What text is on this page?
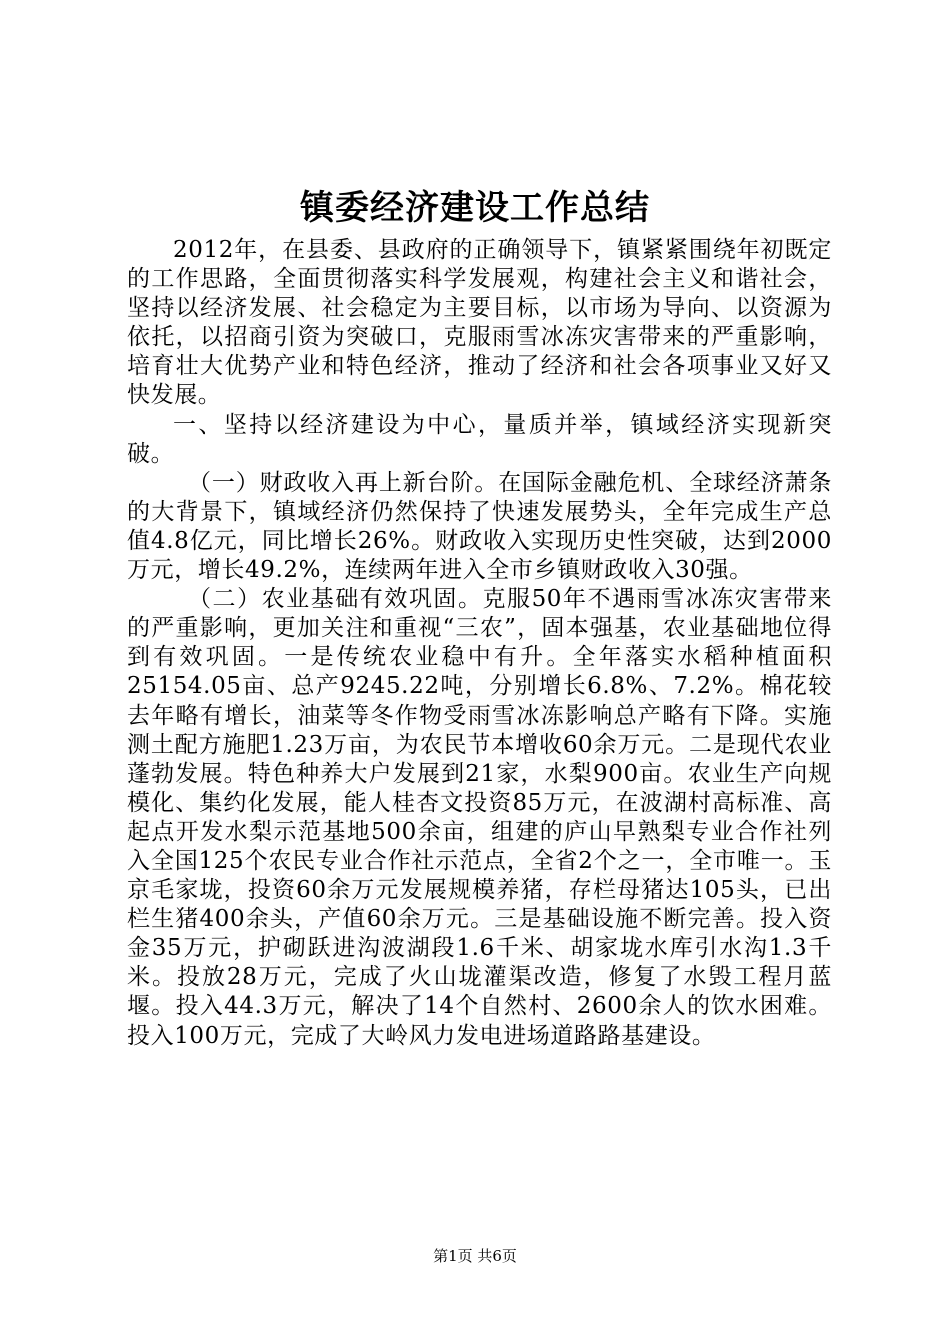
镇委经济建设工作总结

2012年，在县委、县政府的正确领导下，镇紧紧围绕年初既定的工作思路，全面贯彻落实科学发展观，构建社会主义和谐社会，坚持以经济发展、社会稳定为主要目标，以市场为导向、以资源为依托，以招商引资为突破口，克服雨雪冰冻灾害带来的严重影响，培育壮大优势产业和特色经济，推动了经济和社会各项事业又好又快发展。

一、坚持以经济建设为中心，量质并举，镇域经济实现新突破。

（一）财政收入再上新台阶。在国际金融危机、全球经济萧条的大背景下，镇域经济仍然保持了快速发展势头，全年完成生产总值4.8亿元，同比增长26%。财政收入实现历史性突破，达到2000万元，增长49.2%，连续两年进入全市乡镇财政收入30强。

（二）农业基础有效巩固。克服50年不遇雨雪冰冻灾害带来的严重影响，更加关注和重视“三农”，固本强基，农业基础地位得到有效巩固。一是传统农业稳中有升。全年落实水稻种植面积25154.05亩、总产9245.22吨，分别增长6.8%、7.2%。棉花较去年略有增长，油菜等冬作物受雨雪冰冻影响总产略有下降。实施测土配方施肥1.23万亩，为农民节本增收60余万元。二是现代农业蓬勃发展。特色种养大户发展到21家，水梨900亩。农业生产向规模化、集约化发展，能人桂杏文投资85万元，在波湖村高标准、高起点开发水梨示范基地500余亩，组建的庐山早熟梨专业合作社列入全国125个农民专业合作社示范点，全省2个之一，全市唯一。玉京毛家垅，投资60余万元发展规模养猪，存栏母猪达105头，已出栏生猪400余头，产值60余万元。三是基础设施不断完善。投入资金35万元，护砌跃进沟波湖段1.6千米、胡家垅水库引水沟1.3千米。投放28万元，完成了火山垅灌渠改造，修复了水毁工程月蓝堰。投入44.3万元，解决了14个自然村、2600余人的饮水困难。投入100万元，完成了大岭风力发电进场道路路基建设。

第1页 共6页
